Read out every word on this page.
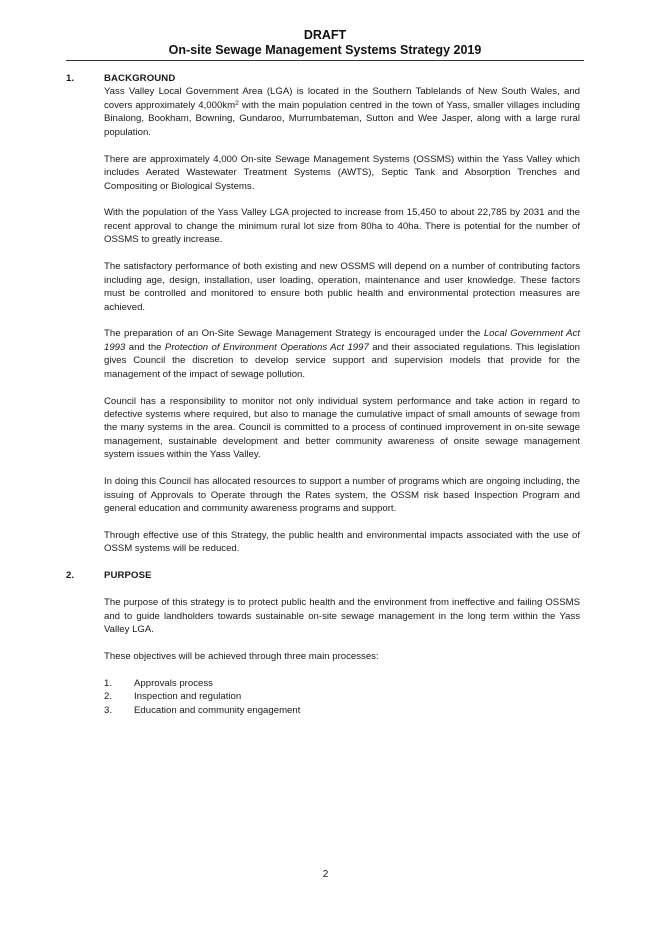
DRAFT
On-site Sewage Management Systems Strategy 2019
1.	BACKGROUND

Yass Valley Local Government Area (LGA) is located in the Southern Tablelands of New South Wales, and covers approximately $4,000km^2$ with the main population centred in the town of Yass, smaller villages including Binalong, Bookham, Bowning, Gundaroo, Murrumbateman, Sutton and Wee Jasper, along with a large rural population.

There are approximately 4,000 On-site Sewage Management Systems (OSSMS) within the Yass Valley which includes Aerated Wastewater Treatment Systems (AWTS), Septic Tank and Absorption Trenches and Compositing or Biological Systems.

With the population of the Yass Valley LGA projected to increase from 15,450 to about 22,785 by 2031 and the recent approval to change the minimum rural lot size from 80ha to 40ha. There is potential for the number of OSSMS to greatly increase.

The satisfactory performance of both existing and new OSSMS will depend on a number of contributing factors including age, design, installation, user loading, operation, maintenance and user knowledge. These factors must be controlled and monitored to ensure both public health and environmental protection measures are achieved.

The preparation of an On-Site Sewage Management Strategy is encouraged under the Local Government Act 1993 and the Protection of Environment Operations Act 1997 and their associated regulations. This legislation gives Council the discretion to develop service support and supervision models that provide for the management of the impact of sewage pollution.

Council has a responsibility to monitor not only individual system performance and take action in regard to defective systems where required, but also to manage the cumulative impact of small amounts of sewage from the many systems in the area. Council is committed to a process of continued improvement in on-site sewage management, sustainable development and better community awareness of onsite sewage management system issues within the Yass Valley.

In doing this Council has allocated resources to support a number of programs which are ongoing including, the issuing of Approvals to Operate through the Rates system, the OSSM risk based Inspection Program and general education and community awareness programs and support.

Through effective use of this Strategy, the public health and environmental impacts associated with the use of OSSM systems will be reduced.

2.	PURPOSE

The purpose of this strategy is to protect public health and the environment from ineffective and failing OSSMS and to guide landholders towards sustainable on-site sewage management in the long term within the Yass Valley LGA.

These objectives will be achieved through three main processes:

1.	Approvals process
2.	Inspection and regulation
3.	Education and community engagement
2
